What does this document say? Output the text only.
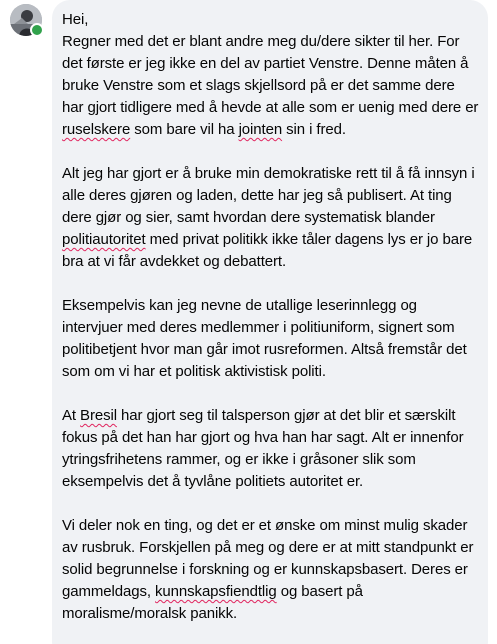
Hei,
Regner med det er blant andre meg du/dere sikter til her. For det første er jeg ikke en del av partiet Venstre. Denne måten å bruke Venstre som et slags skjellsord på er det samme dere har gjort tidligere med å hevde at alle som er uenig med dere er ruselskere som bare vil ha jointen sin i fred.

Alt jeg har gjort er å bruke min demokratiske rett til å få innsyn i alle deres gjøren og laden, dette har jeg så publisert. At ting dere gjør og sier, samt hvordan dere systematisk blander politiautoritet med privat politikk ikke tåler dagens lys er jo bare bra at vi får avdekket og debattert.

Eksempelvis kan jeg nevne de utallige leserinnlegg og intervjuer med deres medlemmer i politiuniform, signert som politibetjent hvor man går imot rusreformen. Altså fremstår det som om vi har et politisk aktivistisk politi.

At Bresil har gjort seg til talsperson gjør at det blir et særskilt fokus på det han har gjort og hva han har sagt. Alt er innenfor ytringsfrihetens rammer, og er ikke i gråsoner slik som eksempelvis det å tyvlåne politiets autoritet er.

Vi deler nok en ting, og det er et ønske om minst mulig skader av rusbruk. Forskjellen på meg og dere er at mitt standpunkt er solid begrunnelse i forskning og er kunnskapsbasert. Deres er gammeldags, kunnskapsfiendtlig og basert på moralisme/moralsk panikk.
